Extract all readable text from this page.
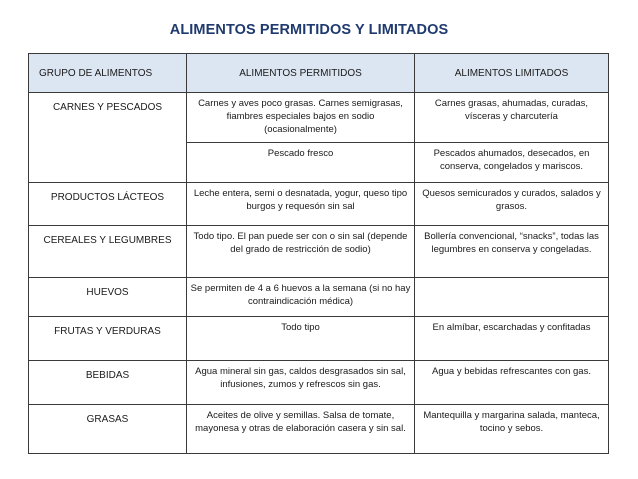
ALIMENTOS PERMITIDOS Y LIMITADOS
GRUPO DE ALIMENTOS	ALIMENTOS PERMITIDOS	ALIMENTOS LIMITADOS

CARNES Y PESCADOS	Carnes y aves poco grasas. Carnes semigrasas, fiambres especiales bajos en sodio (ocasionalmente)	Carnes grasas, ahumadas, curadas, vísceras y charcutería

	Pescado fresco	Pescados ahumados, desecados, en conserva, congelados y mariscos.

PRODUCTOS LÁCTEOS	Leche entera, semi o desnatada, yogur, queso tipo burgos y requesón sin sal	Quesos semicurados y curados, salados y grasos.

CEREALES Y LEGUMBRES	Todo tipo. El pan puede ser con o sin sal (depende del grado de restricción de sodio)	Bollería convencional, “snacks”, todas las legumbres en conserva y congeladas.

HUEVOS	Se permiten de 4 a 6 huevos a la semana (si no hay contraindicación médica)	

FRUTAS Y VERDURAS	Todo tipo	En almíbar, escarchadas y confitadas

BEBIDAS	Agua mineral sin gas, caldos desgrasados sin sal, infusiones, zumos y refrescos sin gas.	Agua y bebidas refrescantes con gas.

GRASAS	Aceites de olive y semillas. Salsa de tomate, mayonesa y otras de elaboración casera y sin sal.	Mantequilla y margarina salada, manteca, tocino y sebos.
